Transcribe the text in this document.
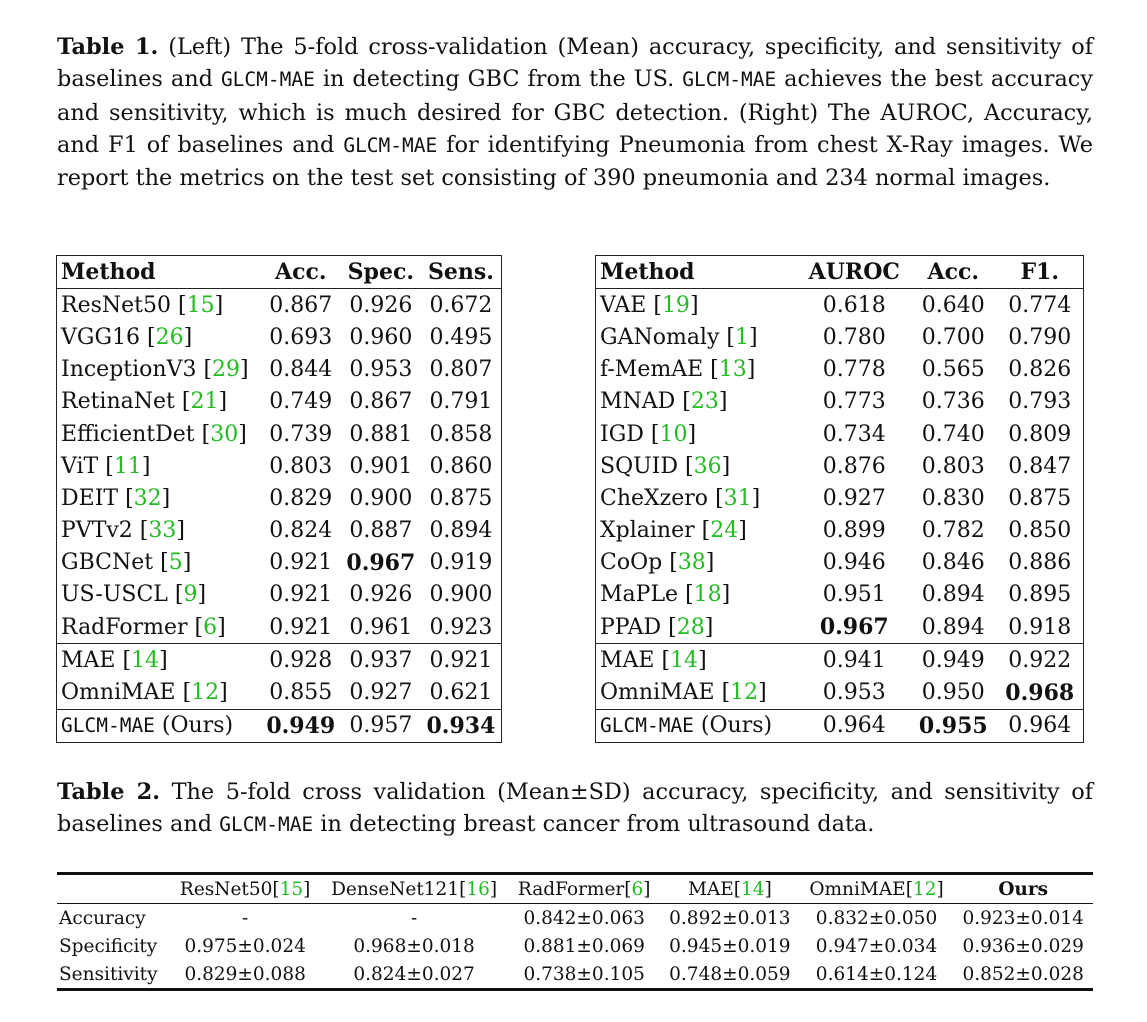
Table 1. (Left) The 5-fold cross-validation (Mean) accuracy, specificity, and sensitivity of baselines and GLCM-MAE in detecting GBC from the US. GLCM-MAE achieves the best accuracy and sensitivity, which is much desired for GBC detection. (Right) The AUROC, Accuracy, and F1 of baselines and GLCM-MAE for identifying Pneumonia from chest X-Ray images. We report the metrics on the test set consisting of 390 pneumonia and 234 normal images.
Method	Acc.	Spec.	Sens.
ResNet50 [15]	0.867	0.926	0.672
VGG16 [26]	0.693	0.960	0.495
InceptionV3 [29]	0.844	0.953	0.807
RetinaNet [21]	0.749	0.867	0.791
EfficientDet [30]	0.739	0.881	0.858
ViT [11]	0.803	0.901	0.860
DEIT [32]	0.829	0.900	0.875
PVTv2 [33]	0.824	0.887	0.894
GBCNet [5]	0.921	0.967	0.919
US-USCL [9]	0.921	0.926	0.900
RadFormer [6]	0.921	0.961	0.923
MAE [14]	0.928	0.937	0.921
OmniMAE [12]	0.855	0.927	0.621
GLCM-MAE (Ours)	0.949	0.957	0.934
Method	AUROC	Acc.	F1.
VAE [19]	0.618	0.640	0.774
GANomaly [1]	0.780	0.700	0.790
f-MemAE [13]	0.778	0.565	0.826
MNAD [23]	0.773	0.736	0.793
IGD [10]	0.734	0.740	0.809
SQUID [36]	0.876	0.803	0.847
CheXzero [31]	0.927	0.830	0.875
Xplainer [24]	0.899	0.782	0.850
CoOp [38]	0.946	0.846	0.886
MaPLe [18]	0.951	0.894	0.895
PPAD [28]	0.967	0.894	0.918
MAE [14]	0.941	0.949	0.922
OmniMAE [12]	0.953	0.950	0.968
GLCM-MAE (Ours)	0.964	0.955	0.964
Table 2. The 5-fold cross validation (Mean±SD) accuracy, specificity, and sensitivity of baselines and GLCM-MAE in detecting breast cancer from ultrasound data.
	ResNet50[15]	DenseNet121[16]	RadFormer[6]	MAE[14]	OmniMAE[12]	Ours
Accuracy	-	-	0.842±0.063	0.892±0.013	0.832±0.050	0.923±0.014
Specificity	0.975±0.024	0.968±0.018	0.881±0.069	0.945±0.019	0.947±0.034	0.936±0.029
Sensitivity	0.829±0.088	0.824±0.027	0.738±0.105	0.748±0.059	0.614±0.124	0.852±0.028
